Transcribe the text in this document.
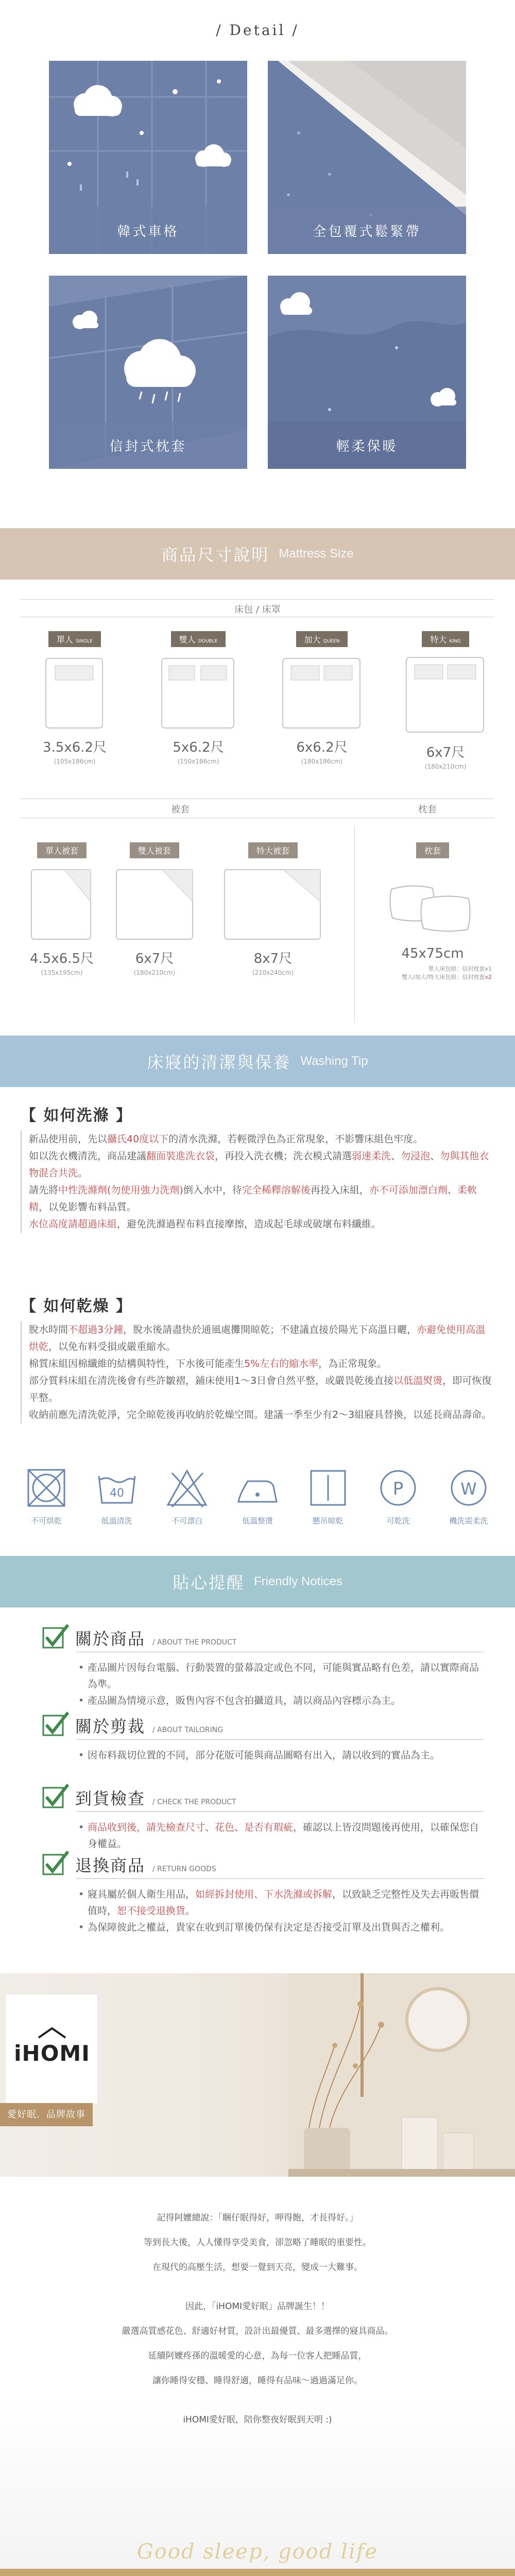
/ Detail /
韓式車格	全包覆式鬆緊帶
信封式枕套	輕柔保暖
商品尺寸說明 Mattress Size
床包 / 床罩
單人 SINGLE
3.5x6.2尺
(105x186cm)
雙人 DOUBLE
5x6.2尺
(150x186cm)
加大 QUEEN
6x6.2尺
(180x186cm)
特大 KING
6x7尺
(180x210cm)
被套	枕套
單人被套
4.5x6.5尺
(135x195cm)
雙人被套
6x7尺
(180x210cm)
特大被套
8x7尺
(210x240cm)
枕套
45x75cm
單人床包組：信封枕套x1
雙人/加大/特大床包組：信封枕套x2
床寢的清潔與保養 Washing Tip
【 如何洗滌 】
新品使用前，先以攝氏40度以下的清水洗滌，若輕微浮色為正常現象，不影響床組色牢度。
如以洗衣機清洗，商品建議翻面裝進洗衣袋，再投入洗衣機；洗衣模式請選弱速柔洗、勿浸泡、勿與其他衣物混合共洗。
請先將中性洗滌劑(勿使用強力洗劑)倒入水中，待完全稀釋溶解後再投入床組，亦不可添加漂白劑、柔軟精，以免影響布料品質。
水位高度請超過床組，避免洗滌過程布料直接摩擦，造成起毛球或破壞布料纖維。
【 如何乾燥 】
脫水時間不超過3分鐘，脫水後請盡快於通風處攤開晾乾；不建議直接於陽光下高溫日曬，亦避免使用高溫烘乾，以免布料受損或嚴重縮水。
棉質床組因棉纖維的結構與特性，下水後可能產生5%左右的縮水率，為正常現象。
部分質料床組在清洗後會有些許皺褶，鋪床使用1～3日會自然平整，或嚴畏乾後直接以低溫熨燙，即可恢復平整。
收納前應先清洗乾淨，完全晾乾後再收納於乾燥空間。建議一季至少有2～3組寢具替換，以延長商品壽命。
不可烘乾
40
低溫清洗	不可漂白	低溫整燙	懸吊晾乾
P
可乾洗
W
機洗需柔洗
貼心提醒 Friendly Notices
關於商品 / ABOUT THE PRODUCT
• 產品圖片因每台電腦、行動裝置的螢幕設定或色不同，可能與實品略有色差，請以實際商品為準。
• 產品圖為情境示意，販售內容不包含拍攝道具，請以商品內容標示為主。
關於剪裁 / ABOUT TAILORING
• 因布料裁切位置的不同，部分花版可能與商品圖略有出入，請以收到的實品為主。
到貨檢查 / CHECK THE PRODUCT
• 商品收到後，請先檢查尺寸、花色、是否有瑕疵，確認以上皆沒問題後再使用，以確保您自身權益。
退換商品 / RETURN GOODS
• 寢具屬於個人衛生用品，如經拆封使用、下水洗滌或拆解，以致缺乏完整性及失去再販售價值時，恕不接受退換貨。
• 為保障彼此之權益，貴家在收到訂單後仍保有決定是否接受訂單及出貨與否之權利。
iHOMI
愛好眠．品牌故事
記得阿嬤總說：「睏仔眠得好，呷得飽，才長得好。」
等到長大後，人人懂得享受美食，卻忽略了睡眠的重要性。
在現代的高壓生活，想要一覺到天亮，變成一大難事。
因此，「iHOMI愛好眠」品牌誕生！！
嚴選高質感花色、舒適好材質，設計出最優質、最多選擇的寢具商品。
延續阿嬤疼孫的溫暖愛的心意，為每一位客人把睡品質，
讓你睡得安穩、睡得舒適，睡得有品味～過過滿足你。
iHOMI愛好眠，陪你整夜好眠到天明 :)
Good sleep, good life
